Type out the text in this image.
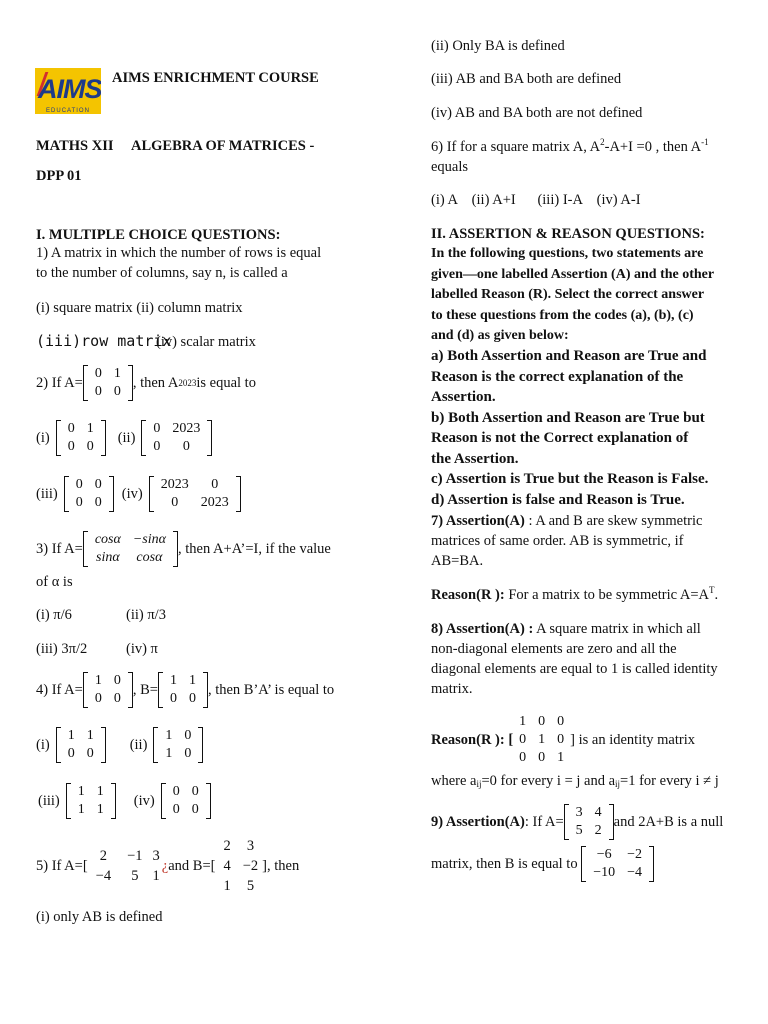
AIMS
EDUCATION
AIMS ENRICHMENT COURSE
MATHS XII ALGEBRA OF MATRICES -
DPP 01
I. MULTIPLE CHOICE QUESTIONS:
1) A matrix in which the number of rows is equal
to the number of columns, say n, is called a
(i) square matrix (ii) column matrix
(iii)row matrix
(iv) scalar matrix
2) If A=
0	1
0	0
, then A 2023 is equal to
(i)
0	1
0	0
(ii)
0	2023
0	0
(iii)
0	0
0	0
(iv)
2023	0
0	2023
3) If A=
cosα	−sinα
sinα	cosα
, then A+A’=I, if the value
of α is
(i) π/6	(ii) π/3
(iii) 3π/2	(iv) π
4) If A=
1	0
0	0
, B=
1	1
0	0
, then B’A’ is equal to
(i)
1	1
0	0
(ii)
1	0
1	0
(iii)
1	1
1	1
(iv)
0	0
0	0
5) If A=[
2	−1	3
−4	5	1
¿ and B=[
2	3
4	−2
1	5
], then
(i) only AB is defined
(ii) Only BA is defined
(iii) AB and BA both are defined
(iv) AB and BA both are not defined
6) If for a square matrix A, $A^2-A+I =0$ , then $A^{-1}$
equals
(i) A    (ii) A+I      (iii) I-A    (iv) A-I
II. ASSERTION & REASON QUESTIONS:
In the following questions, two statements are
given—one labelled Assertion (A) and the other
labelled Reason (R). Select the correct answer
to these questions from the codes (a), (b), (c)
and (d) as given below:
a) Both Assertion and Reason are True and
Reason is the correct explanation of the
Assertion.
b) Both Assertion and Reason are True but
Reason is not the Correct explanation of
the Assertion.
c) Assertion is True but the Reason is False.
d) Assertion is false and Reason is True.
7) Assertion(A) : A and B are skew symmetric
matrices of same order. AB is symmetric, if
AB=BA.
Reason(R ): For a matrix to be symmetric $A=A^T$.
8) Assertion(A) : A square matrix in which all
non-diagonal elements are zero and all the
diagonal elements are equal to 1 is called identity
matrix.
Reason(R ): [
1	0	0
0	1	0
0	0	1
] is an identity matrix
where $a_{ij}=0$ for every i = j and $a_{ij}=1$ for every i ≠ j
9) Assertion(A) : If A=
3	4
5	2
and 2A+B is a null
matrix, then B is equal to
−6	−2
−10	−4
